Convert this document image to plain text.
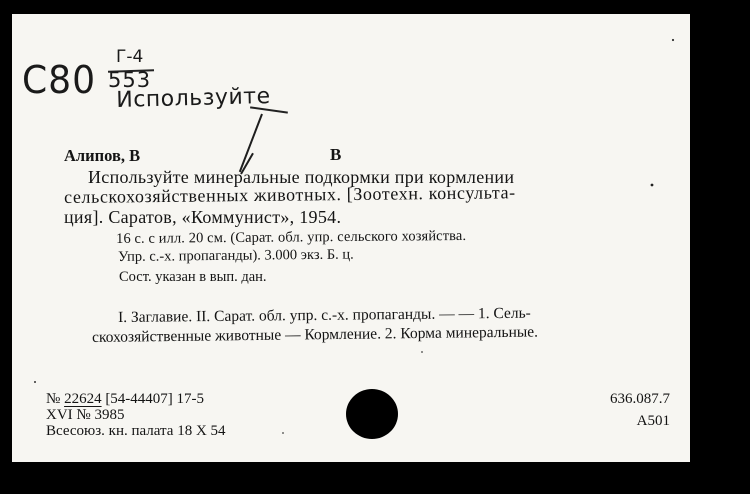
С80
Г-4
553
Используйте
Алипов, В	В
Используйте минеральные подкормки при кормлении
сельскохозяйственных животных. [Зоотехн. консульта-
ция]. Саратов, «Коммунист», 1954.
16 с. с илл. 20 см. (Сарат. обл. упр. сельского хозяйства.
Упр. с.-х. пропаганды). 3.000 экз. Б. ц.
Сост. указан в вып. дан.
I. Заглавие. II. Сарат. обл. упр. с.-х. пропаганды. — — 1. Сель-
скохозяйственные животные — Кормление. 2. Корма минеральные.
№ 22624 [54-44407] 17-5
XVI № 3985
Всесоюз. кн. палата 18 X 54
636.087.7
А501
